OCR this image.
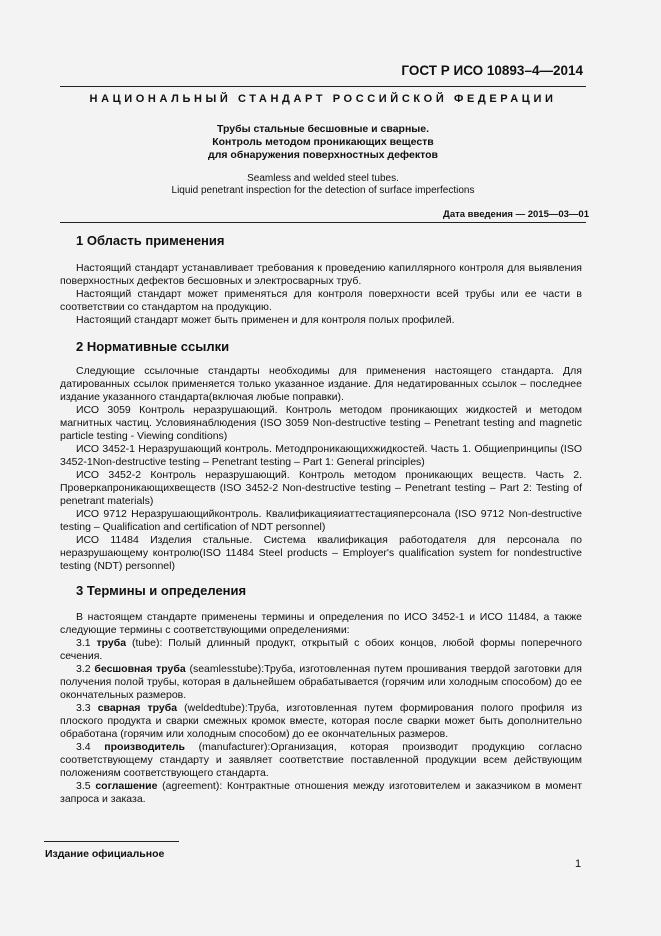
ГОСТ Р ИСО 10893–4—2014
НАЦИОНАЛЬНЫЙ СТАНДАРТ РОССИЙСКОЙ ФЕДЕРАЦИИ
Трубы стальные бесшовные и сварные.
Контроль методом проникающих веществ
для обнаружения поверхностных дефектов
Seamless and welded steel tubes.
Liquid penetrant inspection for the detection of surface imperfections
Дата введения — 2015—03—01
1 Область применения

Настоящий стандарт устанавливает требования к проведению капиллярного контроля для выявления поверхностных дефектов бесшовных и электросварных труб.

Настоящий стандарт может применяться для контроля поверхности всей трубы или ее части в соответствии со стандартом на продукцию.

Настоящий стандарт может быть применен и для контроля полых профилей.

2 Нормативные ссылки

Следующие ссылочные стандарты необходимы для применения настоящего стандарта. Для датированных ссылок применяется только указанное издание. Для недатированных ссылок – последнее издание указанного стандарта(включая любые поправки).

ИСО 3059 Контроль неразрушающий. Контроль методом проникающих жидкостей и методом магнитных частиц. Условиянаблюдения (ISO 3059 Non-destructive testing – Penetrant testing and magnetic particle testing - Viewing conditions)

ИСО 3452-1 Неразрушающий контроль. Методпроникающихжидкостей. Часть 1. Общиепринципы (ISO 3452-1Non-destructive testing – Penetrant testing – Part 1: General principles)

ИСО 3452-2 Контроль неразрушающий. Контроль методом проникающих веществ. Часть 2. Проверкапроникающихвеществ (ISO 3452-2 Non-destructive testing – Penetrant testing – Part 2: Testing of penetrant materials)

ИСО 9712 Неразрушающийконтроль. Квалификацияиаттестацияперсонала (ISO 9712 Non-destructive testing – Qualification and certification of NDT personnel)

ИСО 11484 Изделия стальные. Система квалификация работодателя для персонала по неразрушающему контролю(ISO 11484 Steel products – Employer's qualification system for nondestructive testing (NDT) personnel)

3 Термины и определения

В настоящем стандарте применены термины и определения по ИСО 3452-1 и ИСО 11484, а также следующие термины с соответствующими определениями:

3.1 труба (tube): Полый длинный продукт, открытый с обоих концов, любой формы поперечного сечения.

3.2 бесшовная труба (seamlesstube):Труба, изготовленная путем прошивания твердой заготовки для получения полой трубы, которая в дальнейшем обрабатывается (горячим или холодным способом) до ее окончательных размеров.

3.3 сварная труба (weldedtube):Труба, изготовленная путем формирования полого профиля из плоского продукта и сварки смежных кромок вместе, которая после сварки может быть дополнительно обработана (горячим или холодным способом) до ее окончательных размеров.

3.4 производитель (manufacturer):Организация, которая производит продукцию согласно соответствующему стандарту и заявляет соответствие поставленной продукции всем действующим положениям соответствующего стандарта.

3.5 соглашение (agreement): Контрактные отношения между изготовителем и заказчиком в момент запроса и заказа.

Издание официальное
1
